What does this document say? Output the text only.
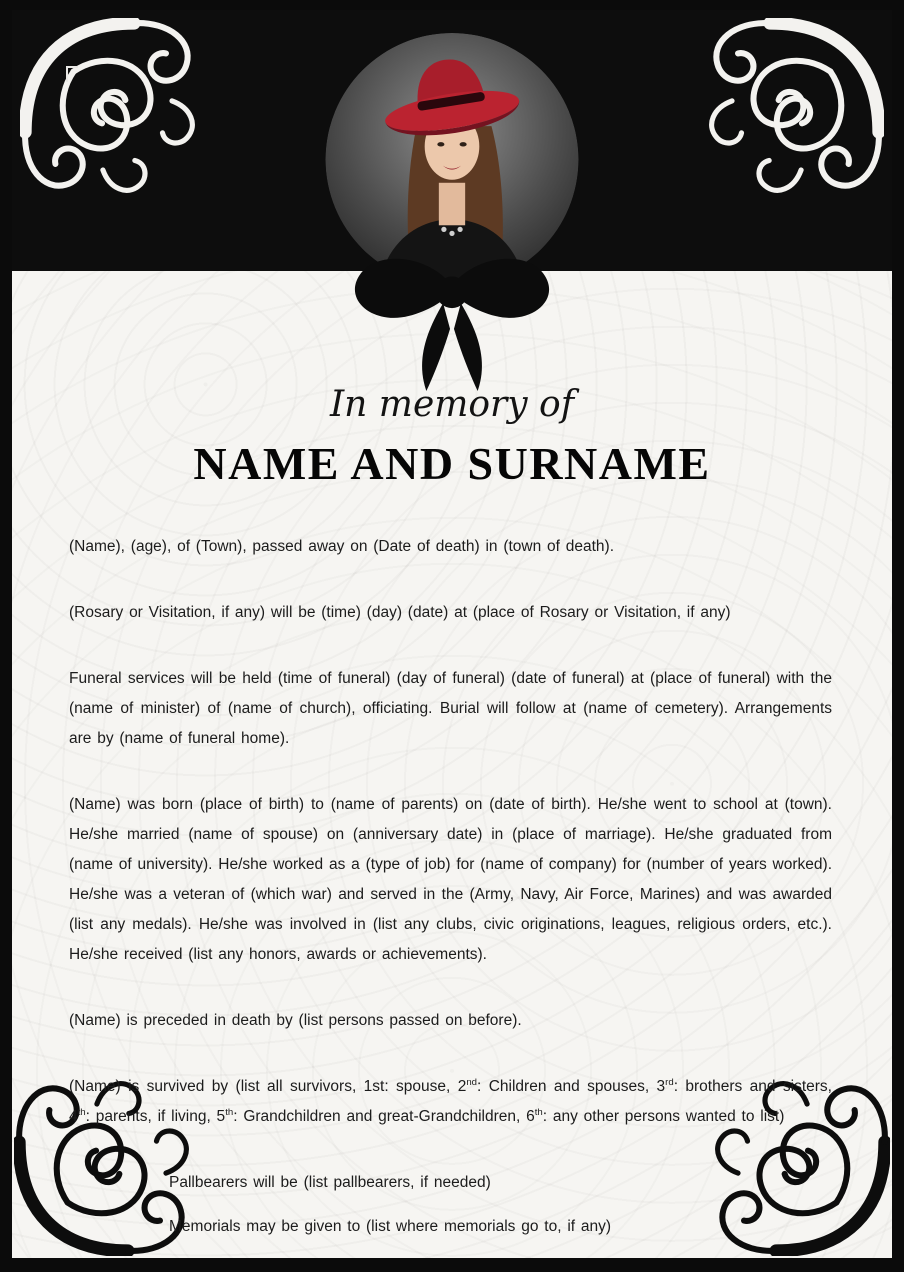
In memory of
NAME AND SURNAME

(Name), (age), of (Town), passed away on (Date of death) in (town of death).

(Rosary or Visitation, if any) will be (time) (day) (date) at (place of Rosary or Visitation, if any)

Funeral services will be held (time of funeral) (day of funeral) (date of funeral) at (place of funeral) with the (name of minister) of (name of church), officiating. Burial will follow at (name of cemetery). Arrangements are by (name of funeral home).

(Name) was born (place of birth) to (name of parents) on (date of birth). He/she went to school at (town). He/she married (name of spouse) on (anniversary date) in (place of marriage). He/she graduated from (name of university). He/she worked as a (type of job) for (name of company) for (number of years worked). He/she was a veteran of (which war) and served in the (Army, Navy, Air Force, Marines) and was awarded (list any medals). He/she was involved in (list any clubs, civic originations, leagues, religious orders, etc.). He/she received (list any honors, awards or achievements).

(Name) is preceded in death by (list persons passed on before).

(Name) is survived by (list all survivors, 1st: spouse, 2nd: Children and spouses, 3rd: brothers and sisters, 4th: parents, if living, 5th: Grandchildren and great-Grandchildren, 6th: any other persons wanted to list)

Pallbearers will be (list pallbearers, if needed)

Memorials may be given to (list where memorials go to, if any)
